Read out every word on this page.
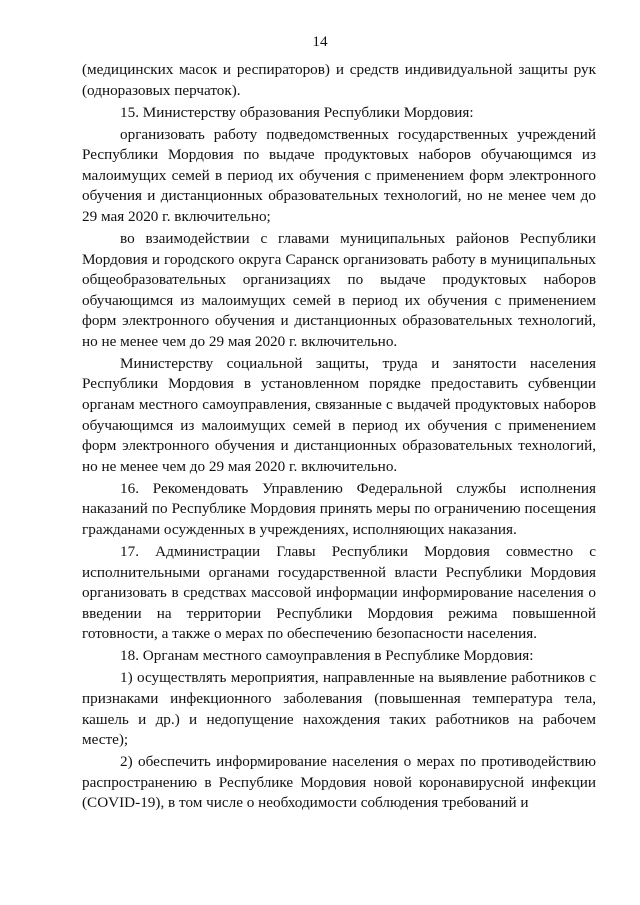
14

(медицинских масок и респираторов) и средств индивидуальной защиты рук (одноразовых перчаток).

15. Министерству образования Республики Мордовия:

организовать работу подведомственных государственных учреждений Республики Мордовия по выдаче продуктовых наборов обучающимся из малоимущих семей в период их обучения с применением форм электронного обучения и дистанционных образовательных технологий, но не менее чем до 29 мая 2020 г. включительно;

во взаимодействии с главами муниципальных районов Республики Мордовия и городского округа Саранск организовать работу в муниципальных общеобразовательных организациях по выдаче продуктовых наборов обучающимся из малоимущих семей в период их обучения с применением форм электронного обучения и дистанционных образовательных технологий, но не менее чем до 29 мая 2020 г. включительно.

Министерству социальной защиты, труда и занятости населения Республики Мордовия в установленном порядке предоставить субвенции органам местного самоуправления, связанные с выдачей продуктовых наборов обучающимся из малоимущих семей в период их обучения с применением форм электронного обучения и дистанционных образовательных технологий, но не менее чем до 29 мая 2020 г. включительно.

16. Рекомендовать Управлению Федеральной службы исполнения наказаний по Республике Мордовия принять меры по ограничению посещения гражданами осужденных в учреждениях, исполняющих наказания.

17. Администрации Главы Республики Мордовия совместно с исполнительными органами государственной власти Республики Мордовия организовать в средствах массовой информации информирование населения о введении на территории Республики Мордовия режима повышенной готовности, а также о мерах по обеспечению безопасности населения.

18. Органам местного самоуправления в Республике Мордовия:

1) осуществлять мероприятия, направленные на выявление работников с признаками инфекционного заболевания (повышенная температура тела, кашель и др.) и недопущение нахождения таких работников на рабочем месте);

2) обеспечить информирование населения о мерах по противодействию распространению в Республике Мордовия новой коронавирусной инфекции (COVID-19), в том числе о необходимости соблюдения требований и
